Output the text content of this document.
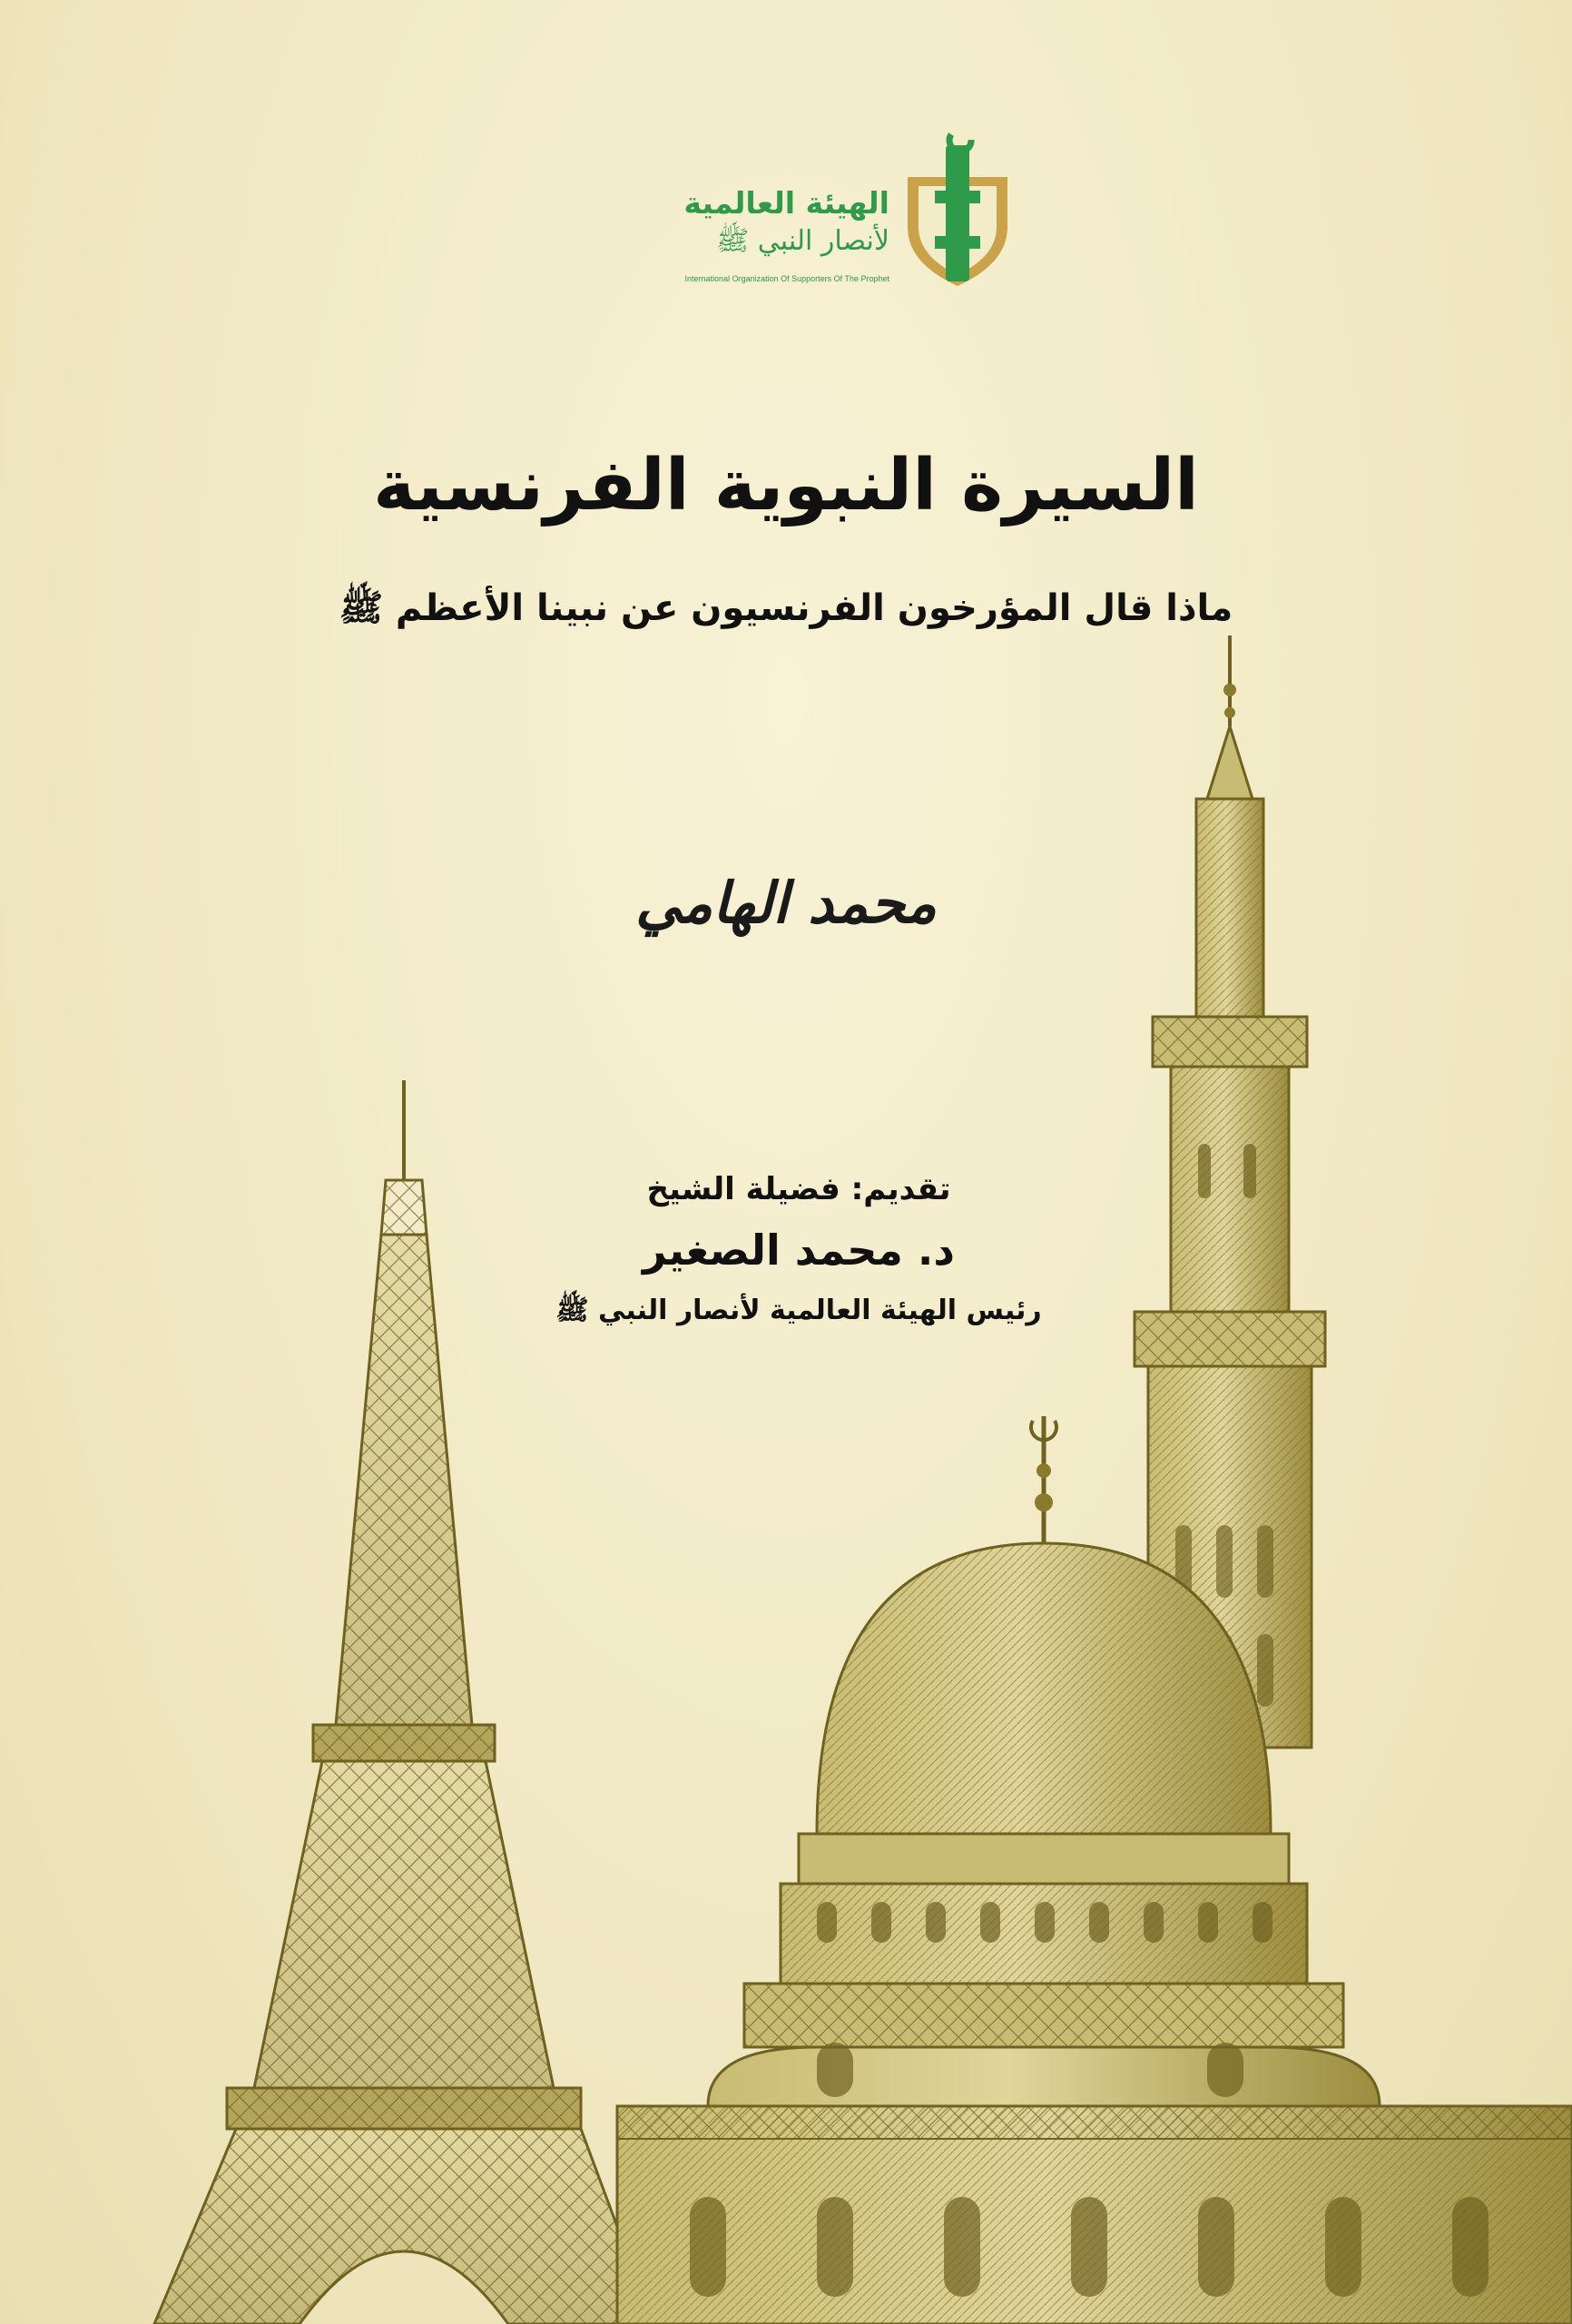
الهيئة العالمية
لأنصار النبي ﷺ
International Organization Of Supporters Of The Prophet
السيرة النبوية الفرنسية
ماذا قال المؤرخون الفرنسيون عن نبينا الأعظم ﷺ
محمد الهامي
تقديم: فضيلة الشيخ
د. محمد الصغير
رئيس الهيئة العالمية لأنصار النبي ﷺ
